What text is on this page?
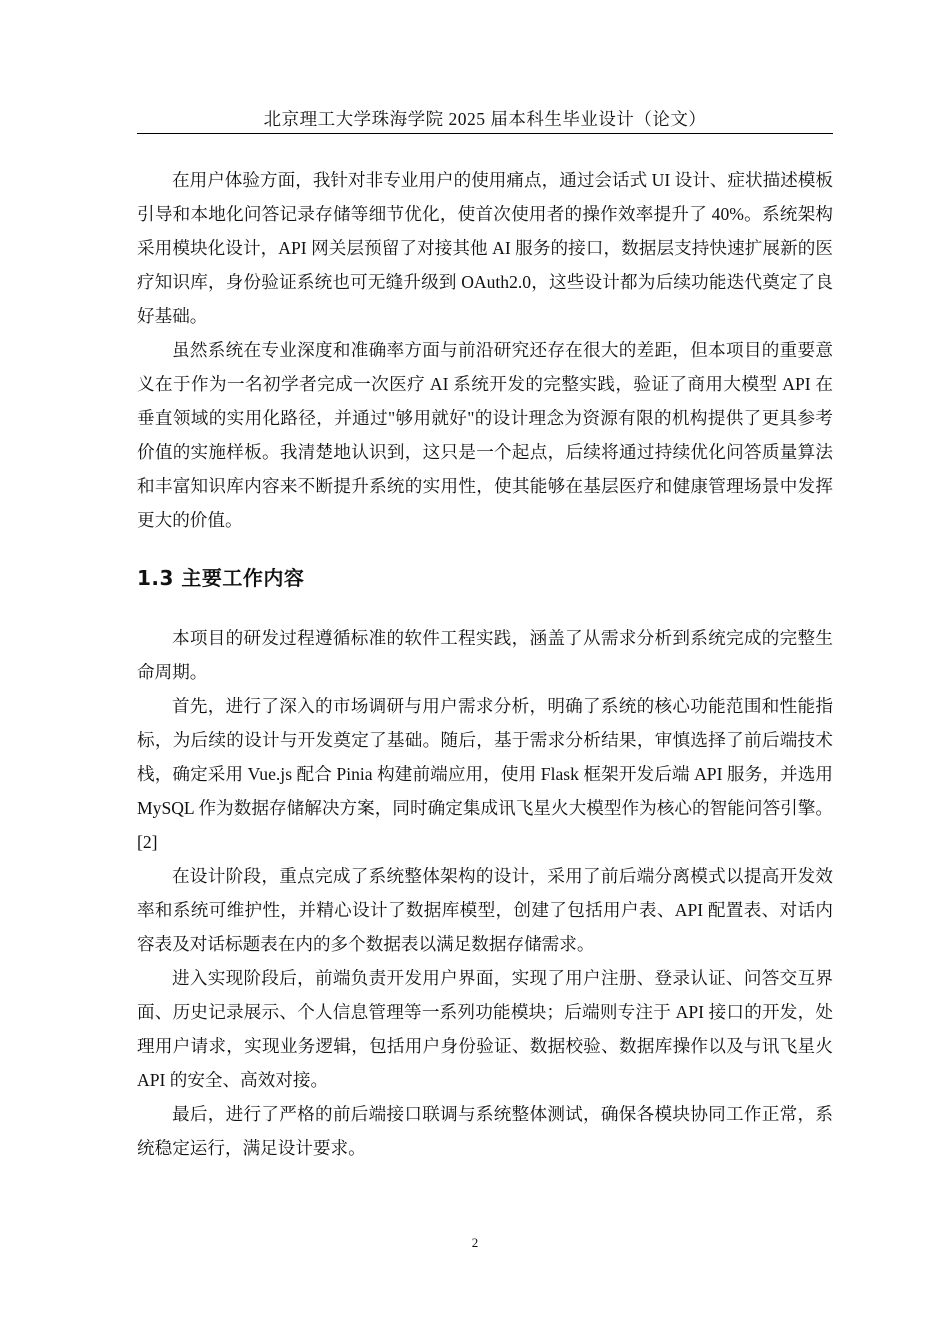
北京理工大学珠海学院 2025 届本科生毕业设计（论文）

在用户体验方面，我针对非专业用户的使用痛点，通过会话式 UI 设计、症状描述模板引导和本地化问答记录存储等细节优化，使首次使用者的操作效率提升了 40%。系统架构采用模块化设计，API 网关层预留了对接其他 AI 服务的接口，数据层支持快速扩展新的医疗知识库，身份验证系统也可无缝升级到 OAuth2.0，这些设计都为后续功能迭代奠定了良好基础。

虽然系统在专业深度和准确率方面与前沿研究还存在很大的差距，但本项目的重要意义在于作为一名初学者完成一次医疗 AI 系统开发的完整实践，验证了商用大模型 API 在垂直领域的实用化路径，并通过"够用就好"的设计理念为资源有限的机构提供了更具参考价值的实施样板。我清楚地认识到，这只是一个起点，后续将通过持续优化问答质量算法和丰富知识库内容来不断提升系统的实用性，使其能够在基层医疗和健康管理场景中发挥更大的价值。

1.3 主要工作内容

本项目的研发过程遵循标准的软件工程实践，涵盖了从需求分析到系统完成的完整生命周期。

首先，进行了深入的市场调研与用户需求分析，明确了系统的核心功能范围和性能指标，为后续的设计与开发奠定了基础。随后，基于需求分析结果，审慎选择了前后端技术栈，确定采用 Vue.js 配合 Pinia 构建前端应用，使用 Flask 框架开发后端 API 服务，并选用 MySQL 作为数据存储解决方案，同时确定集成讯飞星火大模型作为核心的智能问答引擎。[2]

在设计阶段，重点完成了系统整体架构的设计，采用了前后端分离模式以提高开发效率和系统可维护性，并精心设计了数据库模型，创建了包括用户表、API 配置表、对话内容表及对话标题表在内的多个数据表以满足数据存储需求。

进入实现阶段后，前端负责开发用户界面，实现了用户注册、登录认证、问答交互界面、历史记录展示、个人信息管理等一系列功能模块；后端则专注于 API 接口的开发，处理用户请求，实现业务逻辑，包括用户身份验证、数据校验、数据库操作以及与讯飞星火 API 的安全、高效对接。

最后，进行了严格的前后端接口联调与系统整体测试，确保各模块协同工作正常，系统稳定运行，满足设计要求。

2
